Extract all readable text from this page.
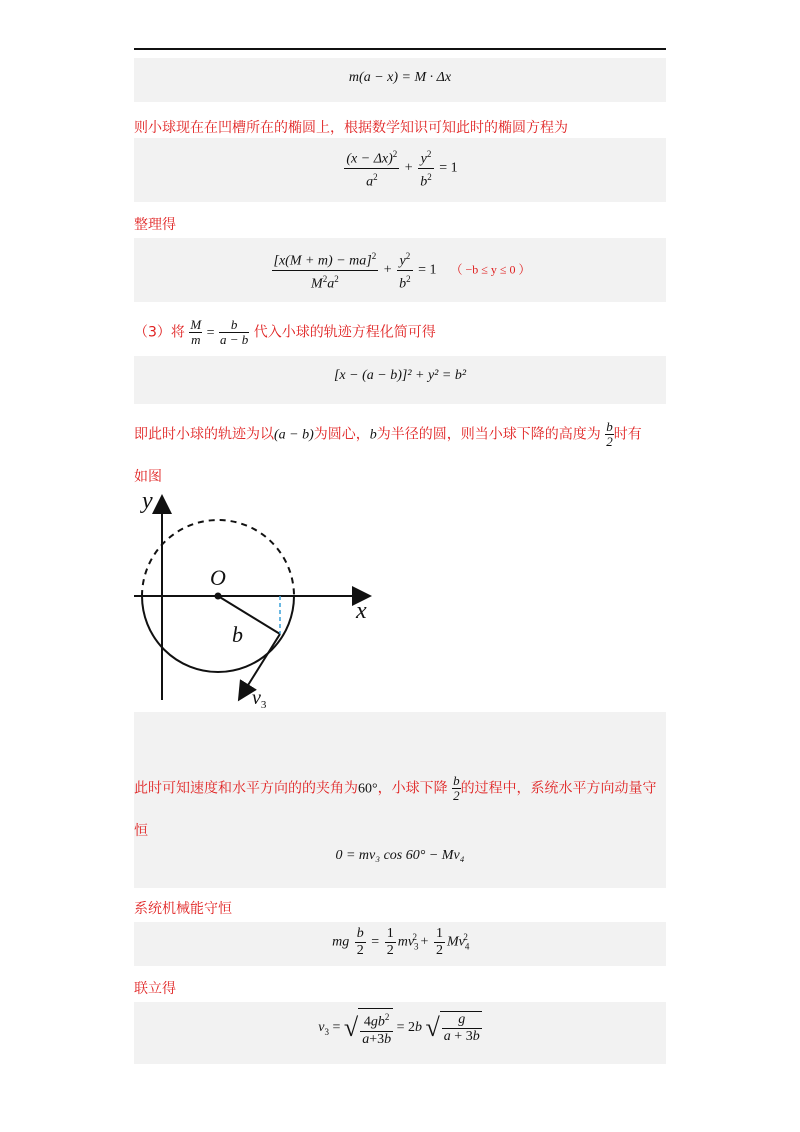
m(a − x) = M · Δx
则小球现在在凹槽所在的椭圆上，根据数学知识可知此时的椭圆方程为
$\frac{(x - \Delta x)^2}{a^2} + \frac{y^2}{b^2} = 1$
整理得
$\frac{[x(M + m) - ma]^2}{M^2a^2} + \frac{y^2}{b^2} = 1$    （ −b ≤ y ≤ 0 ）
（3）将 $\frac{M}{m} = \frac{b}{a - b}$ 代入小球的轨迹方程化简可得
[x − (a − b)]² + y² = b²
即此时小球的轨迹为以(a − b)为圆心，b为半径的圆，则当小球下降的高度为 $\frac{b}{2}$ 时有
如图
y
x
O
b
$v_3$
此时可知速度和水平方向的的夹角为60°，小球下降 $\frac{b}{2}$ 的过程中，系统水平方向动量守
恒
0 = mv₃ cos 60° − Mv₄
系统机械能守恒
mg $\frac{b}{2} = \frac{1}{2} mv_3^2 + \frac{1}{2} Mv_4^2$
联立得
$v_3$ = √ $\frac{4gb^2}{a+3b} = 2b$ √ $\frac{g}{a + 3b}$
